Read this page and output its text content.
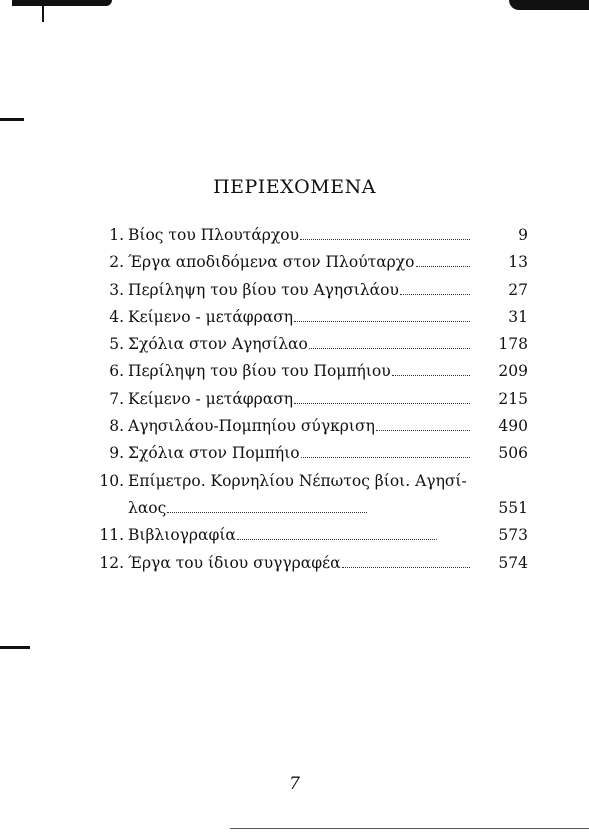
ΠΕΡΙΕΧΟΜΕΝΑ
1. Βίος του Πλουτάρχου	9
2. Έργα αποδιδόμενα στον Πλούταρχο	13
3. Περίληψη του βίου του Αγησιλάου	27
4. Κείμενο - μετάφραση	31
5. Σχόλια στον Αγησίλαο	178
6. Περίληψη του βίου του Πομπήιου	209
7. Κείμενο - μετάφραση	215
8. Αγησιλάου-Πομπηίου σύγκριση	490
9. Σχόλια στον Πομπήιο	506
10. Επίμετρο. Κορνηλίου Νέπωτος βίοι. Αγησί-
λαος	551
11. Βιβλιογραφία	573
12. Έργα του ίδιου συγγραφέα	574
7
